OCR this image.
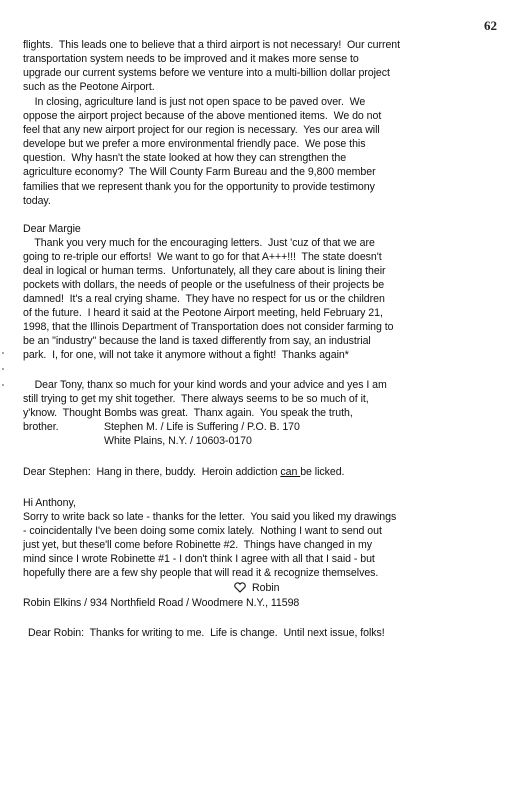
62
flights.  This leads one to believe that a third airport is not necessary!  Our current
transportation system needs to be improved and it makes more sense to
upgrade our current systems before we venture into a multi-billion dollar project
such as the Peotone Airport.
In closing, agriculture land is just not open space to be paved over.  We
oppose the airport project because of the above mentioned items.  We do not
feel that any new airport project for our region is necessary.  Yes our area will
develope but we prefer a more environmental friendly pace.  We pose this
question.  Why hasn't the state looked at how they can strengthen the
agriculture economy?  The Will County Farm Bureau and the 9,800 member
families that we represent thank you for the opportunity to provide testimony
today.
Dear Margie
Thank you very much for the encouraging letters.  Just 'cuz of that we are
going to re-triple our efforts!  We want to go for that A+++!!!  The state doesn't
deal in logical or human terms.  Unfortunately, all they care about is lining their
pockets with dollars, the needs of people or the usefulness of their projects be
damned!  It's a real crying shame.  They have no respect for us or the children
of the future.  I heard it said at the Peotone Airport meeting, held February 21,
1998, that the Illinois Department of Transportation does not consider farming to
be an "industry" because the land is taxed differently from say, an industrial
park.  I, for one, will not take it anymore without a fight!  Thanks again*
Dear Tony, thanx so much for your kind words and your advice and yes I am
still trying to get my shit together.  There always seems to be so much of it,
y'know.  Thought Bombs was great.  Thanx again.  You speak the truth,
brother.	Stephen M. / Life is Suffering / P.O. B. 170
White Plains, N.Y. / 10603-0170
Dear Stephen:  Hang in there, buddy.  Heroin addiction can be licked.
Hi Anthony,
Sorry to write back so late - thanks for the letter.  You said you liked my drawings
- coincidentally I've been doing some comix lately.  Nothing I want to send out
just yet, but these'll come before Robinette #2.  Things have changed in my
mind since I wrote Robinette #1 - I don't think I agree with all that I said - but
hopefully there are a few shy people that will read it & recognize themselves.
Robin
Robin Elkins / 934 Northfield Road / Woodmere N.Y., 11598
Dear Robin:  Thanks for writing to me.  Life is change.  Until next issue, folks!
